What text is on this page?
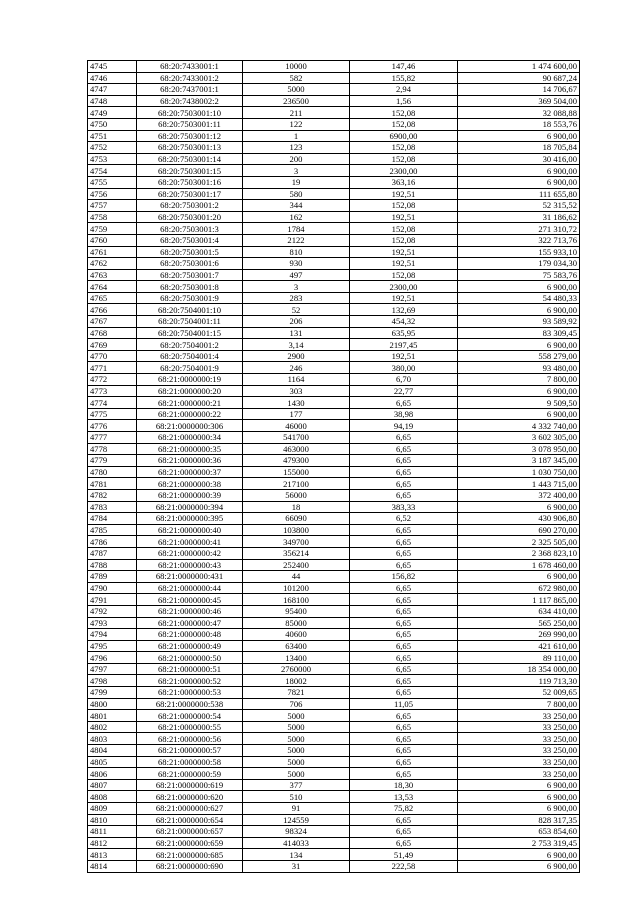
4745	68:20:7433001:1	10000	147,46	1 474 600,00
4746	68:20:7433001:2	582	155,82	90 687,24
4747	68:20:7437001:1	5000	2,94	14 706,67
4748	68:20:7438002:2	236500	1,56	369 504,00
4749	68:20:7503001:10	211	152,08	32 088,88
4750	68:20:7503001:11	122	152,08	18 553,76
4751	68:20:7503001:12	1	6900,00	6 900,00
4752	68:20:7503001:13	123	152,08	18 705,84
4753	68:20:7503001:14	200	152,08	30 416,00
4754	68:20:7503001:15	3	2300,00	6 900,00
4755	68:20:7503001:16	19	363,16	6 900,00
4756	68:20:7503001:17	580	192,51	111 655,80
4757	68:20:7503001:2	344	152,08	52 315,52
4758	68:20:7503001:20	162	192,51	31 186,62
4759	68:20:7503001:3	1784	152,08	271 310,72
4760	68:20:7503001:4	2122	152,08	322 713,76
4761	68:20:7503001:5	810	192,51	155 933,10
4762	68:20:7503001:6	930	192,51	179 034,30
4763	68:20:7503001:7	497	152,08	75 583,76
4764	68:20:7503001:8	3	2300,00	6 900,00
4765	68:20:7503001:9	283	192,51	54 480,33
4766	68:20:7504001:10	52	132,69	6 900,00
4767	68:20:7504001:11	206	454,32	93 589,92
4768	68:20:7504001:15	131	635,95	83 309,45
4769	68:20:7504001:2	3,14	2197,45	6 900,00
4770	68:20:7504001:4	2900	192,51	558 279,00
4771	68:20:7504001:9	246	380,00	93 480,00
4772	68:21:0000000:19	1164	6,70	7 800,00
4773	68:21:0000000:20	303	22,77	6 900,00
4774	68:21:0000000:21	1430	6,65	9 509,50
4775	68:21:0000000:22	177	38,98	6 900,00
4776	68:21:0000000:306	46000	94,19	4 332 740,00
4777	68:21:0000000:34	541700	6,65	3 602 305,00
4778	68:21:0000000:35	463000	6,65	3 078 950,00
4779	68:21:0000000:36	479300	6,65	3 187 345,00
4780	68:21:0000000:37	155000	6,65	1 030 750,00
4781	68:21:0000000:38	217100	6,65	1 443 715,00
4782	68:21:0000000:39	56000	6,65	372 400,00
4783	68:21:0000000:394	18	383,33	6 900,00
4784	68:21:0000000:395	66090	6,52	430 906,80
4785	68:21:0000000:40	103800	6,65	690 270,00
4786	68:21:0000000:41	349700	6,65	2 325 505,00
4787	68:21:0000000:42	356214	6,65	2 368 823,10
4788	68:21:0000000:43	252400	6,65	1 678 460,00
4789	68:21:0000000:431	44	156,82	6 900,00
4790	68:21:0000000:44	101200	6,65	672 980,00
4791	68:21:0000000:45	168100	6,65	1 117 865,00
4792	68:21:0000000:46	95400	6,65	634 410,00
4793	68:21:0000000:47	85000	6,65	565 250,00
4794	68:21:0000000:48	40600	6,65	269 990,00
4795	68:21:0000000:49	63400	6,65	421 610,00
4796	68:21:0000000:50	13400	6,65	89 110,00
4797	68:21:0000000:51	2760000	6,65	18 354 000,00
4798	68:21:0000000:52	18002	6,65	119 713,30
4799	68:21:0000000:53	7821	6,65	52 009,65
4800	68:21:0000000:538	706	11,05	7 800,00
4801	68:21:0000000:54	5000	6,65	33 250,00
4802	68:21:0000000:55	5000	6,65	33 250,00
4803	68:21:0000000:56	5000	6,65	33 250,00
4804	68:21:0000000:57	5000	6,65	33 250,00
4805	68:21:0000000:58	5000	6,65	33 250,00
4806	68:21:0000000:59	5000	6,65	33 250,00
4807	68:21:0000000:619	377	18,30	6 900,00
4808	68:21:0000000:620	510	13,53	6 900,00
4809	68:21:0000000:627	91	75,82	6 900,00
4810	68:21:0000000:654	124559	6,65	828 317,35
4811	68:21:0000000:657	98324	6,65	653 854,60
4812	68:21:0000000:659	414033	6,65	2 753 319,45
4813	68:21:0000000:685	134	51,49	6 900,00
4814	68:21:0000000:690	31	222,58	6 900,00
